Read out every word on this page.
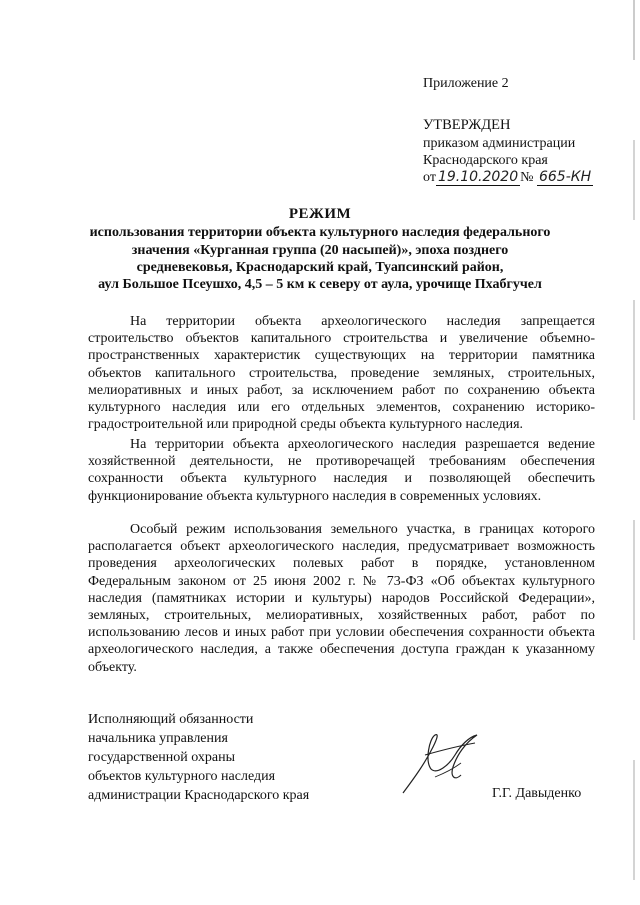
Приложение 2
УТВЕРЖДЕН
приказом администрации
Краснодарского края
от 19.10.2020 № 665-КН
РЕЖИМ
использования территории объекта культурного наследия федерального
значения «Курганная группа (20 насыпей)», эпоха позднего
средневековья, Краснодарский край, Туапсинский район,
аул Большое Псеушхо, 4,5 – 5 км к северу от аула, урочище Пхабгучел

На территории объекта археологического наследия запрещается строительство объектов капитального строительства и увеличение объемно-пространственных характеристик существующих на территории памятника объектов капитального строительства, проведение земляных, строительных, мелиоративных и иных работ, за исключением работ по сохранению объекта культурного наследия или его отдельных элементов, сохранению историко-градостроительной или природной среды объекта культурного наследия.

На территории объекта археологического наследия разрешается ведение хозяйственной деятельности, не противоречащей требованиям обеспечения сохранности объекта культурного наследия и позволяющей обеспечить функционирование объекта культурного наследия в современных условиях.

Особый режим использования земельного участка, в границах которого располагается объект археологического наследия, предусматривает возможность проведения археологических полевых работ в порядке, установленном Федеральным законом от 25 июня 2002 г. № 73-ФЗ «Об объектах культурного наследия (памятниках истории и культуры) народов Российской Федерации», земляных, строительных, мелиоративных, хозяйственных работ, работ по использованию лесов и иных работ при условии обеспечения сохранности объекта археологического наследия, а также обеспечения доступа граждан к указанному объекту.

Исполняющий обязанности
начальника управления
государственной охраны
объектов культурного наследия
администрации Краснодарского края	Г.Г. Давыденко
